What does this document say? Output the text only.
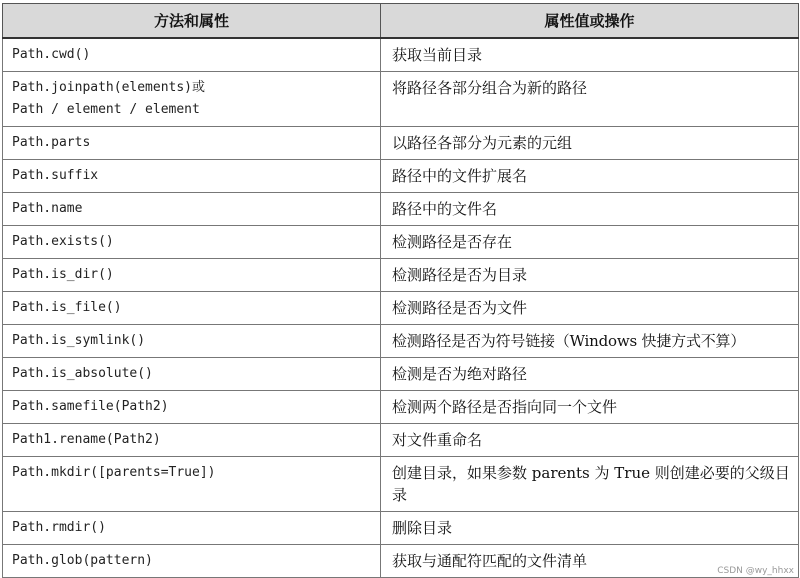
方法和属性	属性值或操作
Path.cwd()	获取当前目录
Path.joinpath(elements)或
Path / element / element	将路径各部分组合为新的路径
Path.parts	以路径各部分为元素的元组
Path.suffix	路径中的文件扩展名
Path.name	路径中的文件名
Path.exists()	检测路径是否存在
Path.is_dir()	检测路径是否为目录
Path.is_file()	检测路径是否为文件
Path.is_symlink()	检测路径是否为符号链接（Windows 快捷方式不算）
Path.is_absolute()	检测是否为绝对路径
Path.samefile(Path2)	检测两个路径是否指向同一个文件
Path1.rename(Path2)	对文件重命名
Path.mkdir([parents=True])	创建目录，如果参数 parents 为 True 则创建必要的父级目录
Path.rmdir()	删除目录
Path.glob(pattern)	获取与通配符匹配的文件清单
CSDN @wy_hhxx
